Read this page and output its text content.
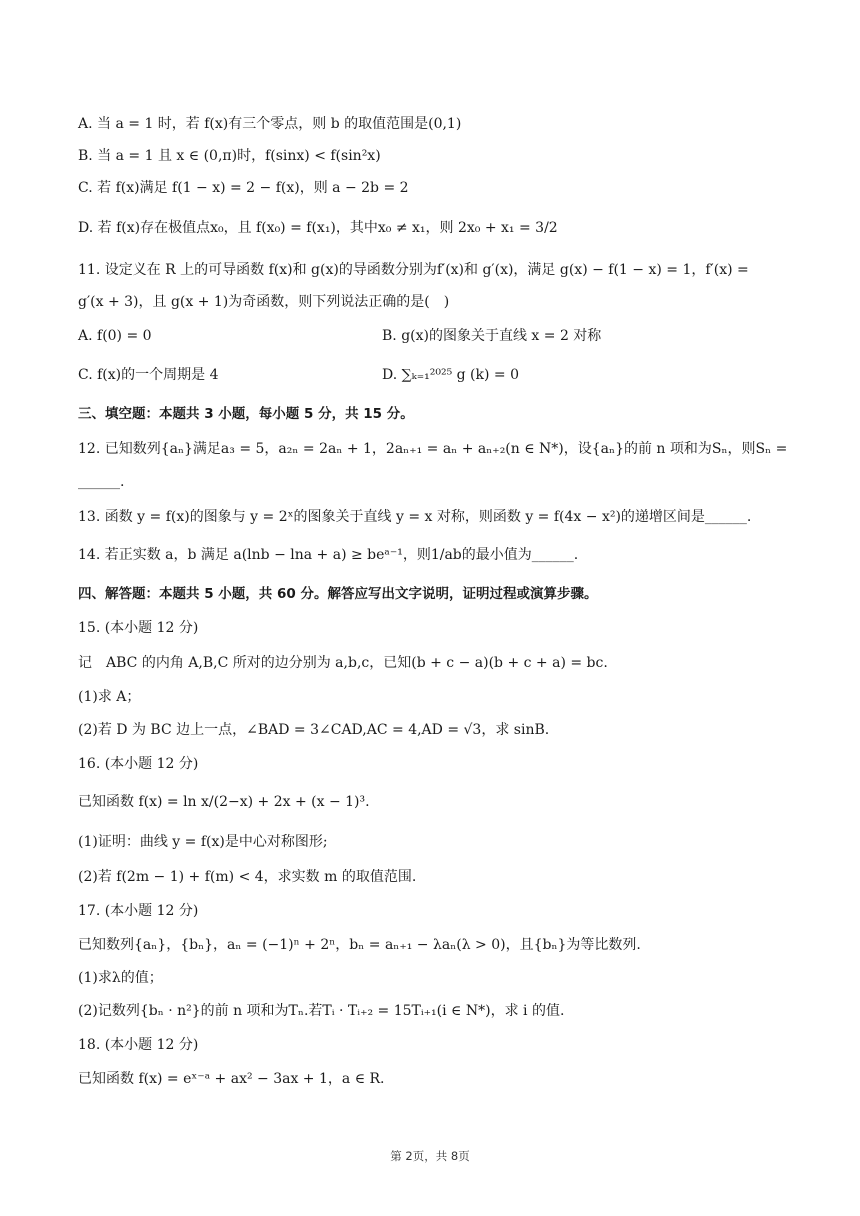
A. 当 a = 1 时，若 f(x)有三个零点，则 b 的取值范围是(0,1)
B. 当 a = 1 且 x ∈ (0,π)时，f(sinx) < f(sin²x)
C. 若 f(x)满足 f(1 − x) = 2 − f(x)，则 a − 2b = 2
D. 若 f(x)存在极值点x₀，且 f(x₀) = f(x₁)，其中x₀ ≠ x₁，则 2x₀ + x₁ = 3/2
11. 设定义在 R 上的可导函数 f(x)和 g(x)的导函数分别为f′(x)和 g′(x)，满足 g(x) − f(1 − x) = 1，f′(x) =
g′(x + 3)，且 g(x + 1)为奇函数，则下列说法正确的是(　)
A. f(0) = 0	B. g(x)的图象关于直线 x = 2 对称
C. f(x)的一个周期是 4	D. ∑ₖ₌₁²⁰²⁵ g (k) = 0
三、填空题：本题共 3 小题，每小题 5 分，共 15 分。
12. 已知数列{aₙ}满足a₃ = 5，a₂ₙ = 2aₙ + 1，2aₙ₊₁ = aₙ + aₙ₊₂(n ∈ N*)，设{aₙ}的前 n 项和为Sₙ，则Sₙ =
______.
13. 函数 y = f(x)的图象与 y = 2ˣ的图象关于直线 y = x 对称，则函数 y = f(4x − x²)的递增区间是______.
14. 若正实数 a，b 满足 a(lnb − lna + a) ≥ beᵃ⁻¹，则1/ab的最小值为______.
四、解答题：本题共 5 小题，共 60 分。解答应写出文字说明，证明过程或演算步骤。
15. (本小题 12 分)
记　ABC 的内角 A,B,C 所对的边分别为 a,b,c，已知(b + c − a)(b + c + a) = bc.
(1)求 A；
(2)若 D 为 BC 边上一点，∠BAD = 3∠CAD,AC = 4,AD = √3，求 sinB.
16. (本小题 12 分)
已知函数 f(x) = ln x/(2−x) + 2x + (x − 1)³.
(1)证明：曲线 y = f(x)是中心对称图形;
(2)若 f(2m − 1) + f(m) < 4，求实数 m 的取值范围.
17. (本小题 12 分)
已知数列{aₙ}，{bₙ}，aₙ = (−1)ⁿ + 2ⁿ，bₙ = aₙ₊₁ − λaₙ(λ > 0)，且{bₙ}为等比数列.
(1)求λ的值；
(2)记数列{bₙ · n²}的前 n 项和为Tₙ.若Tᵢ · Tᵢ₊₂ = 15Tᵢ₊₁(i ∈ N*)，求 i 的值.
18. (本小题 12 分)
已知函数 f(x) = eˣ⁻ᵃ + ax² − 3ax + 1，a ∈ R.
第 2页，共 8页
